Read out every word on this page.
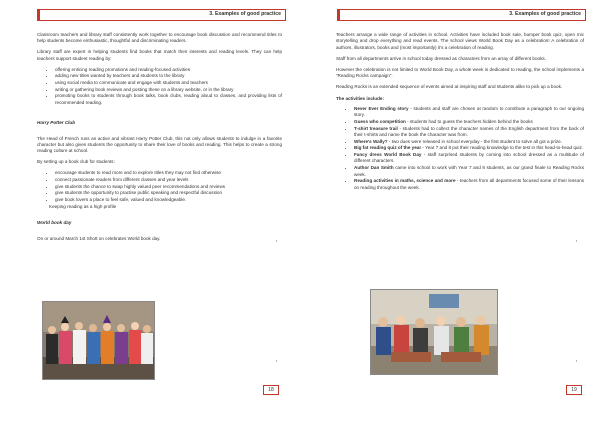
3. Examples of good practice

Classroom teachers and library staff consistently work together to encourage book discussion and recommend titles to help students become enthusiastic, thoughtful and discriminating readers.

Library staff are expert in helping students find books that match their interests and reading levels. They can help teachers support student reading by:

• offering enticing reading promotions and reading-focused activities
• adding new titles wanted by teachers and students to the library
• using social media to communicate and engage with students and teachers
• writing or gathering book reviews and posting these on a library website, or in the library
• promoting books to students through book talks, book clubs, reading aloud to classes, and providing lists of recommended reading.
Harry Potter Club

The Head of French runs an active and vibrant Harry Potter Club, this not only allows students to indulge in a favorite character but also gives students the opportunity to share their love of books and reading. This helps to create a strong reading culture at school.

By setting up a book club for students:

• encourage students to read more and to explore titles they may not find otherwise
• connect passionate readers from different classes and year levels
• give students the chance to swap highly valued peer recommendations and reviews
• give students the opportunity to practise public speaking and respectful discussion
• give book lovers a place to feel safe, valued and knowledgeable.

Keeping reading as a high profile

World book day

On or around March 1st Shott on celebrates World book day.

18
3. Examples of good practice

Teachers arrange a wide range of activities in school. Activities have included book sale, bumper book quiz, open mic storytelling and drop everything and read events. The school views World Book Day as a celebration! A celebration of authors, illustrators, books and (most importantly) it’s a celebration of reading.

Staff from all departments arrive in school today dressed as characters from an array of different books.

However the celebration is not limited to World Book Day, a whole week is dedicated to reading, the school implements a “Reading Rocks campaign”.

Reading Rocks is an extended sequence of events aimed at inspiring staff and students alike to pick up a book.

The activities include:
• Never Ever Ending story - students and staff are chosen at random to contribute a paragraph to our ongoing story.
• Guess who competition - students had to guess the teachers hidden behind the books
• T-shirt treasure trail - students had to collect the character names of the English department from the back of their t-shirts and name the book the character was from.
• Where’s Wally? - two dues were released in school everyday - the first student to solve all got a prize.
• Big fat reading quiz of the year - Year 7 and 8 put their reading knowledge to the test in this head-to-head quiz.
• Fancy dress World Book Day - staff surprised students by coming into school dressed as a multitude of different characters.
• Author Dan Smith came into school to work with Year 7 and 8 students, as our grand finale to Reading Rocks week.
• Reading activities in maths, science and more - teachers from all departments focused some of their lessons on reading throughout the week.
19
